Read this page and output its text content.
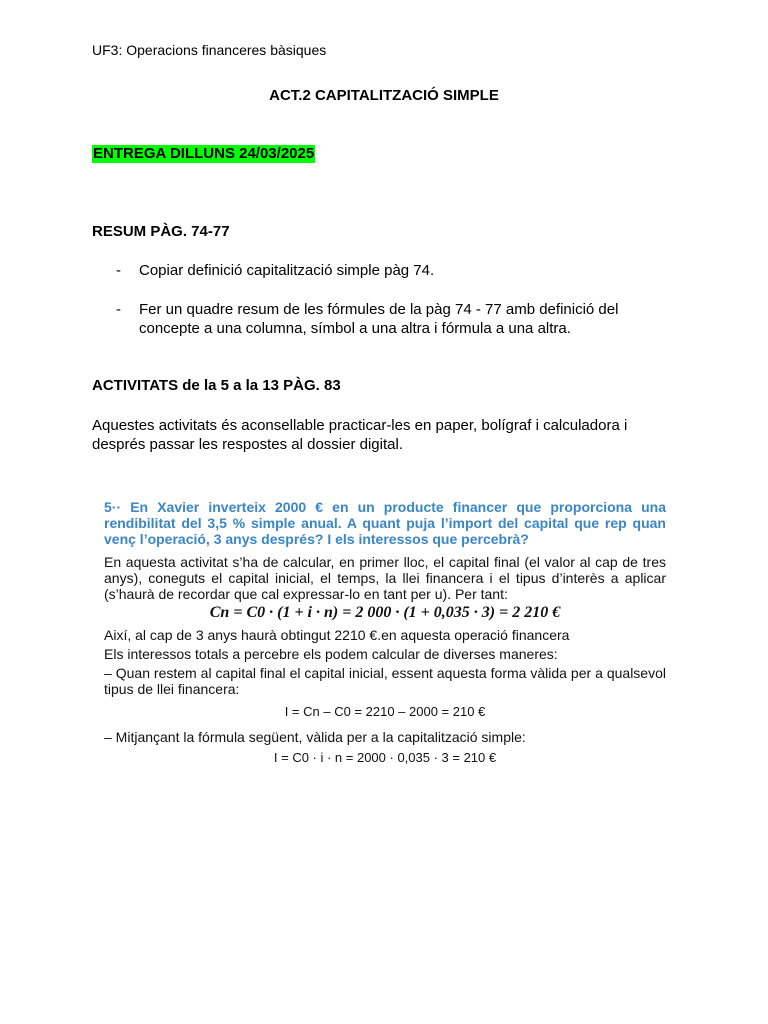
UF3: Operacions financeres bàsiques
ACT.2 CAPITALITZACIÓ SIMPLE
ENTREGA DILLUNS 24/03/2025
RESUM PÀG. 74-77
- Copiar definició capitalització simple pàg 74.
- Fer un quadre resum de les fórmules de la pàg 74 - 77 amb definició del concepte a una columna, símbol a una altra i fórmula a una altra.
ACTIVITATS de la 5 a la 13 PÀG. 83
Aquestes activitats és aconsellable practicar-les en paper, bolígraf i calculadora i després passar les respostes al dossier digital.
5·· En Xavier inverteix 2000 € en un producte financer que proporciona una rendibilitat del 3,5 % simple anual. A quant puja l’import del capital que rep quan venç l’operació, 3 anys després? I els interessos que percebrà?
En aquesta activitat s’ha de calcular, en primer lloc, el capital final (el valor al cap de tres anys), coneguts el capital inicial, el temps, la llei financera i el tipus d’interès a aplicar (s’haurà de recordar que cal expressar-lo en tant per u). Per tant:
Cn = C0 · (1 + i · n) = 2 000 · (1 + 0,035 · 3) = 2 210 €
Així, al cap de 3 anys haurà obtingut 2210 €.en aquesta operació financera
Els interessos totals a percebre els podem calcular de diverses maneres:
– Quan restem al capital final el capital inicial, essent aquesta forma vàlida per a qualsevol tipus de llei financera:
I = Cn – C0 = 2210 – 2000 = 210 €
– Mitjançant la fórmula següent, vàlida per a la capitalització simple:
I = C0 · i · n = 2000 · 0,035 · 3 = 210 €
